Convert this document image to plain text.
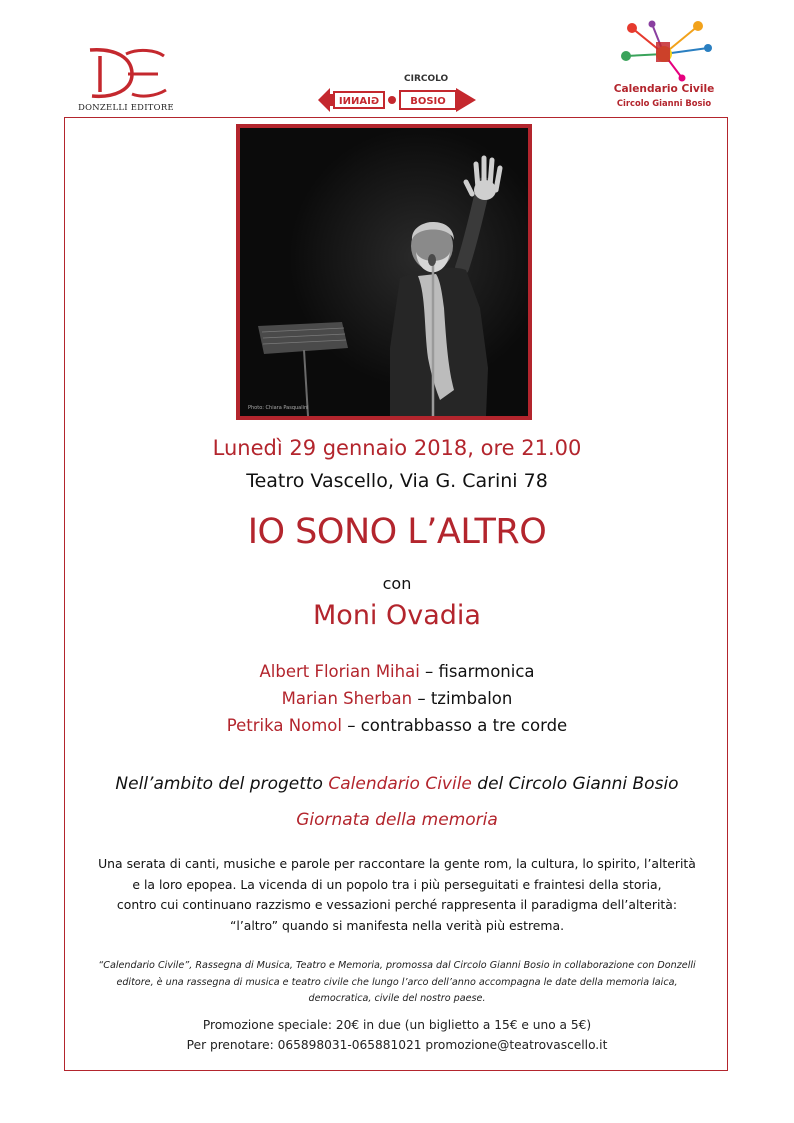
DONZELLI EDITORE
CIRCOLO
GIANNI	BOSIO
Calendario Civile
Circolo Gianni Bosio
Photo: Chiara Pasqualini
Lunedì 29 gennaio 2018, ore 21.00
Teatro Vascello, Via G. Carini 78
IO SONO L’ALTRO
con
Moni Ovadia
Albert Florian Mihai – fisarmonica
Marian Sherban – tzimbalon
Petrika Nomol – contrabbasso a tre corde
Nell’ambito del progetto Calendario Civile del Circolo Gianni Bosio
Giornata della memoria
Una serata di canti, musiche e parole per raccontare la gente rom, la cultura, lo spirito, l’alterità
e la loro epopea. La vicenda di un popolo tra i più perseguitati e fraintesi della storia,
contro cui continuano razzismo e vessazioni perché rappresenta il paradigma dell’alterità:
“l’altro” quando si manifesta nella verità più estrema.
“Calendario Civile”, Rassegna di Musica, Teatro e Memoria, promossa dal Circolo Gianni Bosio in collaborazione con Donzelli
editore, è una rassegna di musica e teatro civile che lungo l’arco dell’anno accompagna le date della memoria laica,
democratica, civile del nostro paese.
Promozione speciale: 20€ in due (un biglietto a 15€ e uno a 5€)
Per prenotare: 065898031-065881021 promozione@teatrovascello.it
